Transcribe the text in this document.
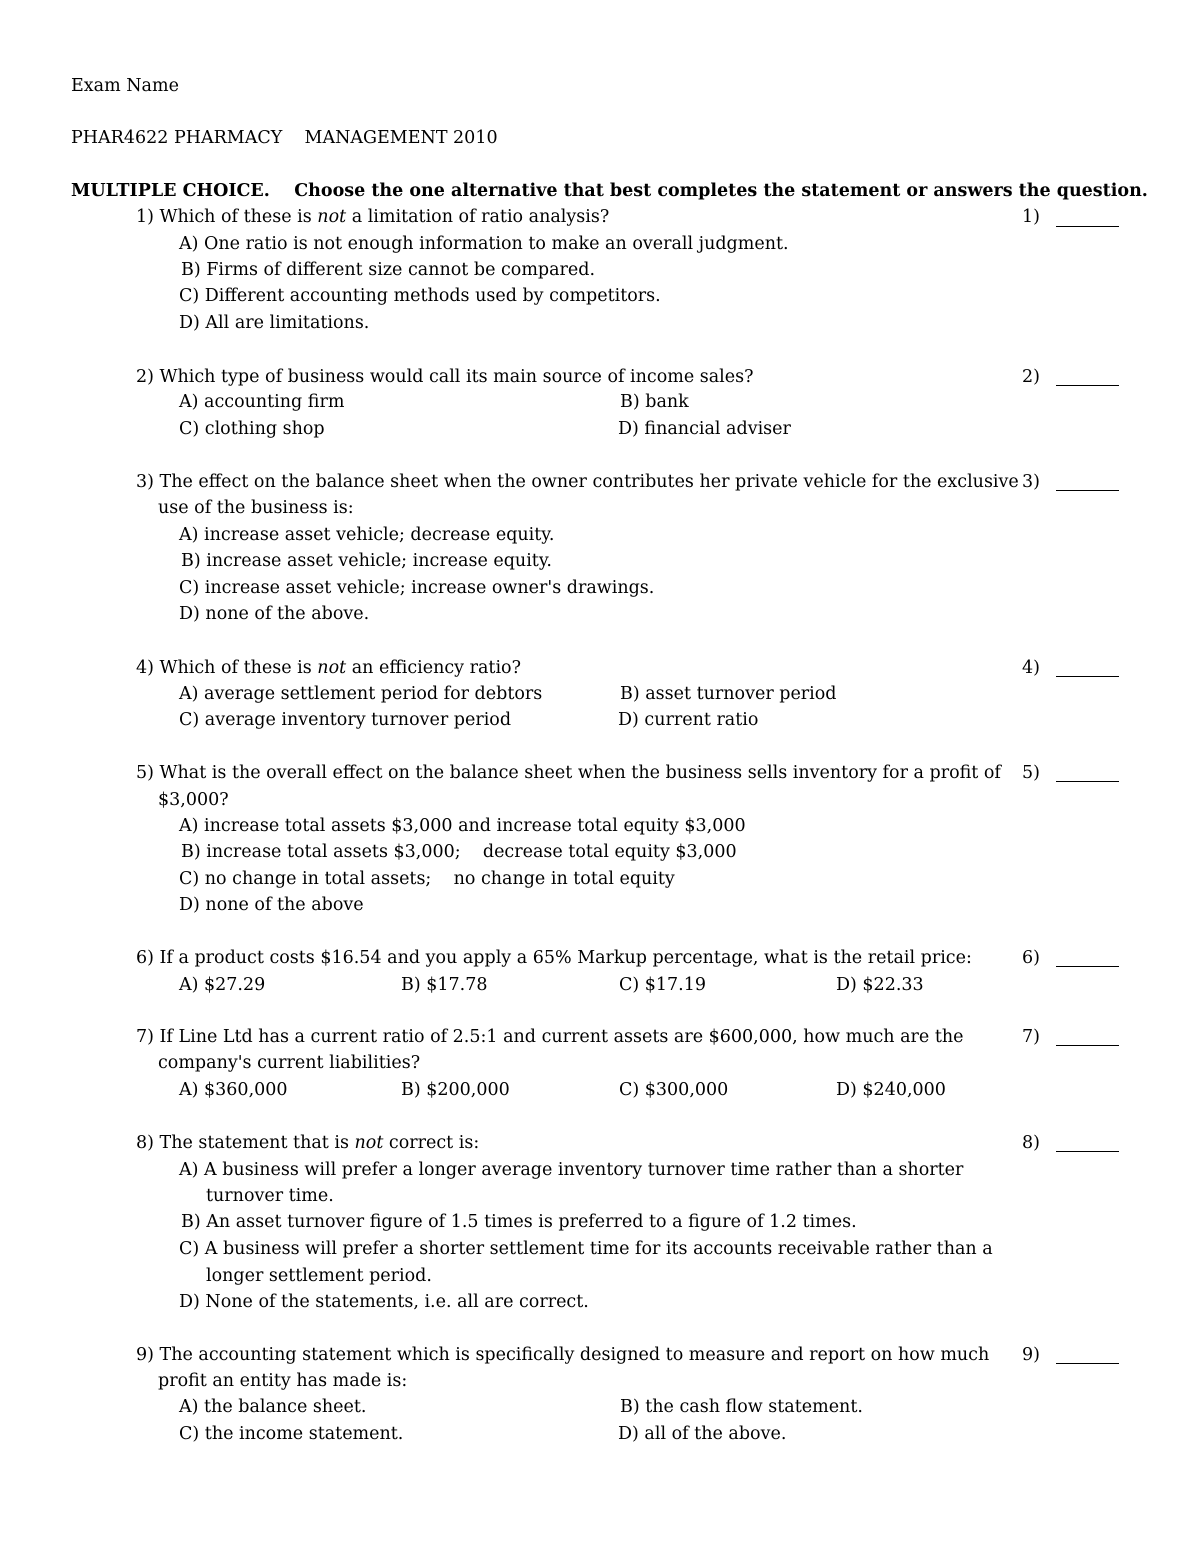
Exam Name
PHAR4622 PHARMACY    MANAGEMENT 2010
MULTIPLE CHOICE. Choose the one alternative that best completes the statement or answers the question.
1) Which of these is not a limitation of ratio analysis?	1)
A) One ratio is not enough information to make an overall judgment.
B) Firms of different size cannot be compared.
C) Different accounting methods used by competitors.
D) All are limitations.
2) Which type of business would call its main source of income sales?	2)
A) accounting firm	B) bank
C) clothing shop	D) financial adviser
3) The effect on the balance sheet when the owner contributes her private vehicle for the exclusive 3)
use of the business is:
A) increase asset vehicle; decrease equity.
B) increase asset vehicle; increase equity.
C) increase asset vehicle; increase owner's drawings.
D) none of the above.
4) Which of these is not an efficiency ratio?	4)
A) average settlement period for debtors	B) asset turnover period
C) average inventory turnover period	D) current ratio
5) What is the overall effect on the balance sheet when the business sells inventory for a profit of 5)
$3,000?
A) increase total assets $3,000 and increase total equity $3,000
B) increase total assets $3,000;    decrease total equity $3,000
C) no change in total assets;    no change in total equity
D) none of the above
6) If a product costs $16.54 and you apply a 65% Markup percentage, what is the retail price:	6)
A) $27.29	B) $17.78	C) $17.19	D) $22.33
7) If Line Ltd has a current ratio of 2.5:1 and current assets are $600,000, how much are the	7)
company's current liabilities?
A) $360,000	B) $200,000	C) $300,000	D) $240,000
8) The statement that is not correct is:	8)
A) A business will prefer a longer average inventory turnover time rather than a shorter
turnover time.
B) An asset turnover figure of 1.5 times is preferred to a figure of 1.2 times.
C) A business will prefer a shorter settlement time for its accounts receivable rather than a
longer settlement period.
D) None of the statements, i.e. all are correct.
9) The accounting statement which is specifically designed to measure and report on how much 9)
profit an entity has made is:
A) the balance sheet.	B) the cash flow statement.
C) the income statement.	D) all of the above.
